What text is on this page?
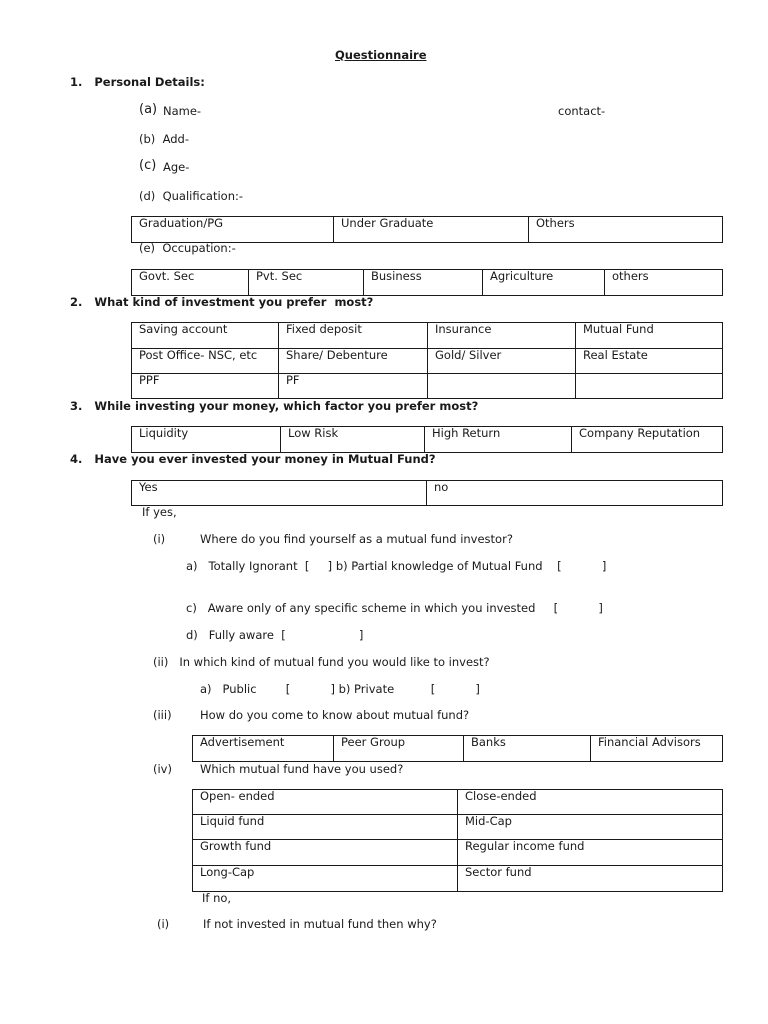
Questionnaire
1.   Personal Details:
(a) Name-	contact-
(b)  Add-
(c) Age-
(d)  Qualification:-
Graduation/PG	Under Graduate	Others
(e)  Occupation:-
Govt. Sec	Pvt. Sec	Business	Agriculture	others
2.   What kind of investment you prefer  most?
Saving account	Fixed deposit	Insurance	Mutual Fund
Post Office- NSC, etc	Share/ Debenture	Gold/ Silver	Real Estate
PPF	PF		
3.   While investing your money, which factor you prefer most?
Liquidity	Low Risk	High Return	Company Reputation
4.   Have you ever invested your money in Mutual Fund?
Yes	no
If yes,
(i)	Where do you find yourself as a mutual fund investor?
a)   Totally Ignorant  [     ] b) Partial knowledge of Mutual Fund    [           ]
c)   Aware only of any specific scheme in which you invested     [           ]
d)   Fully aware  [                    ]
(ii)   In which kind of mutual fund you would like to invest?
a)   Public        [           ] b) Private          [           ]
(iii) How do you come to know about mutual fund?
Advertisement	Peer Group	Banks	Financial Advisors
(iv) Which mutual fund have you used?
Open- ended	Close-ended
Liquid fund	Mid-Cap
Growth fund	Regular income fund
Long-Cap	Sector fund
If no,
(i)	If not invested in mutual fund then why?
